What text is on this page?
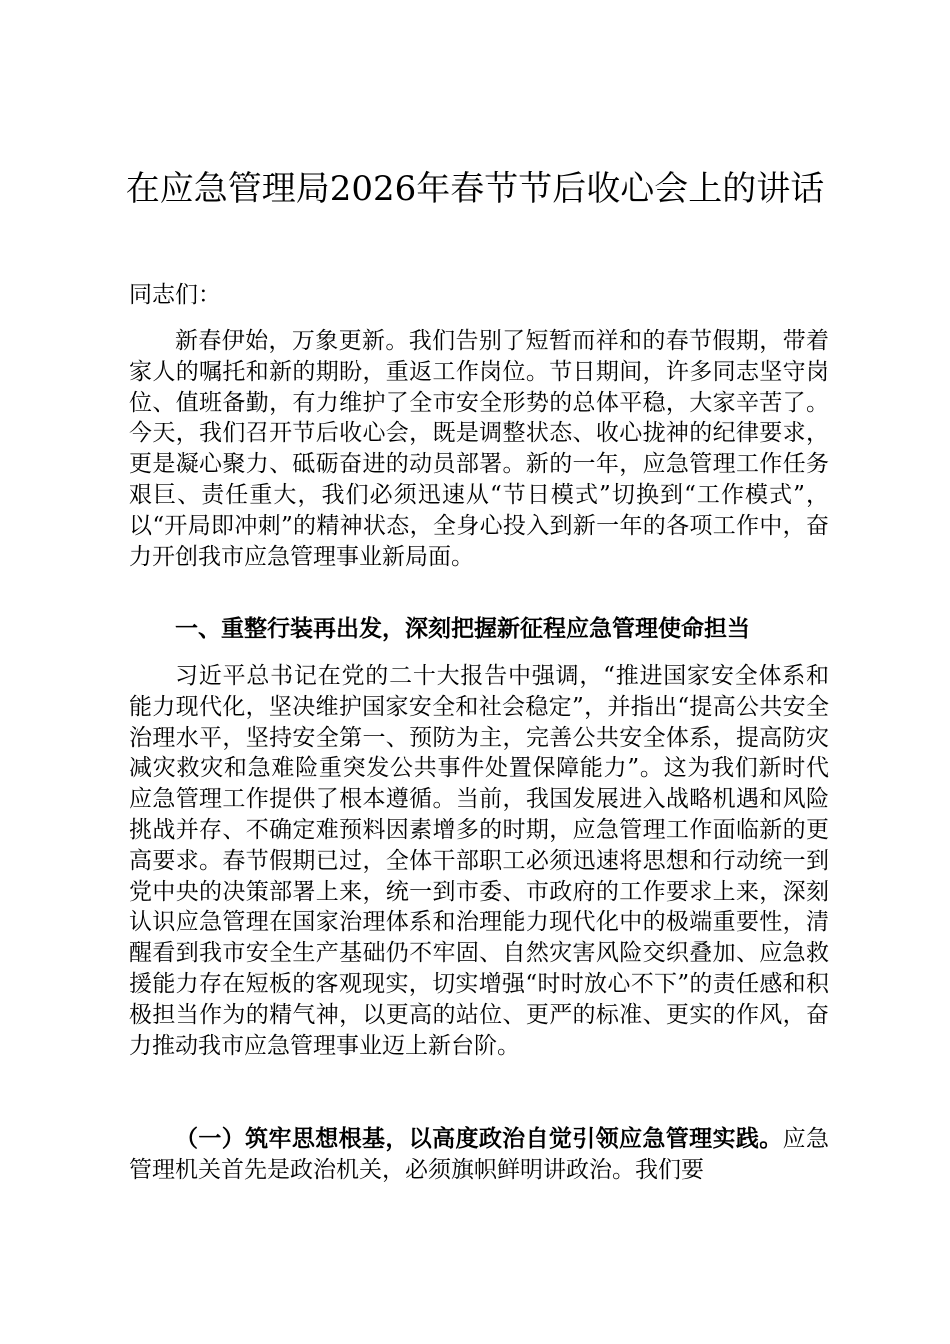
在应急管理局2026年春节节后收心会上的讲话
同志们：

新春伊始，万象更新。我们告别了短暂而祥和的春节假期，带着家人的嘱托和新的期盼，重返工作岗位。节日期间，许多同志坚守岗位、值班备勤，有力维护了全市安全形势的总体平稳，大家辛苦了。今天，我们召开节后收心会，既是调整状态、收心拢神的纪律要求，更是凝心聚力、砥砺奋进的动员部署。新的一年，应急管理工作任务艰巨、责任重大，我们必须迅速从“节日模式”切换到“工作模式”，以“开局即冲刺”的精神状态，全身心投入到新一年的各项工作中，奋力开创我市应急管理事业新局面。

一、重整行装再出发，深刻把握新征程应急管理使命担当

习近平总书记在党的二十大报告中强调，“推进国家安全体系和能力现代化，坚决维护国家安全和社会稳定”，并指出“提高公共安全治理水平，坚持安全第一、预防为主，完善公共安全体系，提高防灾减灾救灾和急难险重突发公共事件处置保障能力”。这为我们新时代应急管理工作提供了根本遵循。当前，我国发展进入战略机遇和风险挑战并存、不确定难预料因素增多的时期，应急管理工作面临新的更高要求。春节假期已过，全体干部职工必须迅速将思想和行动统一到党中央的决策部署上来，统一到市委、市政府的工作要求上来，深刻认识应急管理在国家治理体系和治理能力现代化中的极端重要性，清醒看到我市安全生产基础仍不牢固、自然灾害风险交织叠加、应急救援能力存在短板的客观现实，切实增强“时时放心不下”的责任感和积极担当作为的精气神，以更高的站位、更严的标准、更实的作风，奋力推动我市应急管理事业迈上新台阶。

（一）筑牢思想根基，以高度政治自觉引领应急管理实践。应急管理机关首先是政治机关，必须旗帜鲜明讲政治。我们要
